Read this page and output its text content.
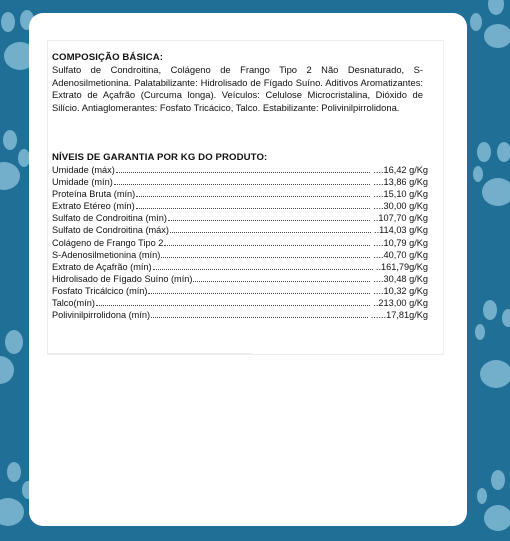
COMPOSIÇÃO BÁSICA:

Sulfato de Condroitina, Colágeno de Frango Tipo 2 Não Desnaturado, S-Adenosilmetionina. Palatabilizante: Hidrolisado de Fígado Suíno. Aditivos Aromatizantes: Extrato de Açafrão (Curcuma longa). Veículos: Celulose Microcristalina, Dióxido de Silício. Antiaglomerantes: Fosfato Tricácico, Talco. Estabilizante: Polivinilpirrolidona.

NÍVEIS DE GARANTIA POR KG DO PRODUTO:
Umidade (máx)	....16,42 g/Kg
Umidade (mín)	....13,86 g/Kg
Proteína Bruta (mín)	....15,10 g/Kg
Extrato Etéreo (mín)	....30,00 g/Kg
Sulfato de Condroitina (mín)	..107,70 g/Kg
Sulfato de Condroitina (máx)	..114,03 g/Kg
Colágeno de Frango Tipo 2	....10,79 g/Kg
S-Adenosilmetionina (mín)	....40,70 g/Kg
Extrato de Açafrão (mín)	..161,79g/Kg
Hidrolisado de Fígado Suíno (mín)	....30,48 g/Kg
Fosfato Tricálcico (mín)	....10,32 g/Kg
Talco(mín)	..213,00 g/Kg
Polivinilpirrolidona (mín)	......17,81g/Kg
